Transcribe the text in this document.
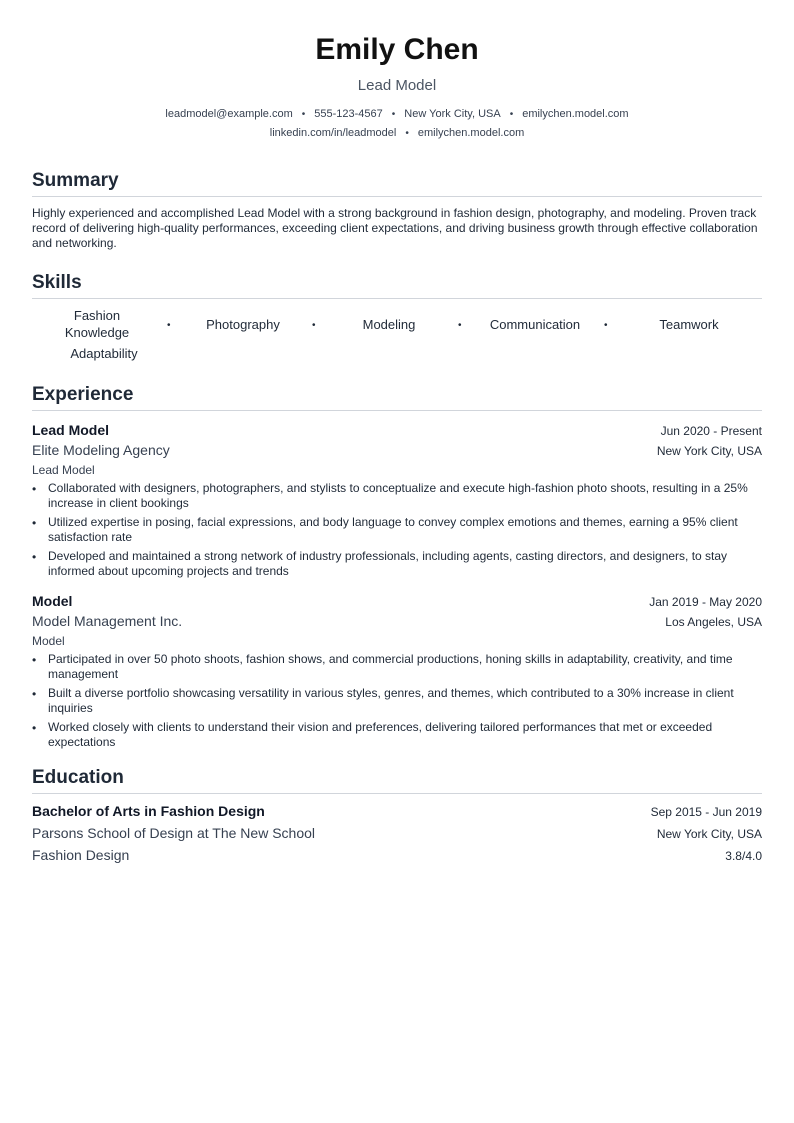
Emily Chen
Lead Model
leadmodel@example.com • 555-123-4567 • New York City, USA • emilychen.model.com
linkedin.com/in/leadmodel • emilychen.model.com
Summary
Highly experienced and accomplished Lead Model with a strong background in fashion design, photography, and modeling. Proven track record of delivering high-quality performances, exceeding client expectations, and driving business growth through effective collaboration and networking.
Skills
Fashion Knowledge	•	Photography	•	Modeling	•	Communication	•	Teamwork
Adaptability
Experience
Lead Model	Jun 2020 - Present
Elite Modeling Agency	New York City, USA
Lead Model
• Collaborated with designers, photographers, and stylists to conceptualize and execute high-fashion photo shoots, resulting in a 25% increase in client bookings
• Utilized expertise in posing, facial expressions, and body language to convey complex emotions and themes, earning a 95% client satisfaction rate
• Developed and maintained a strong network of industry professionals, including agents, casting directors, and designers, to stay informed about upcoming projects and trends
Model	Jan 2019 - May 2020
Model Management Inc.	Los Angeles, USA
Model
• Participated in over 50 photo shoots, fashion shows, and commercial productions, honing skills in adaptability, creativity, and time management
• Built a diverse portfolio showcasing versatility in various styles, genres, and themes, which contributed to a 30% increase in client inquiries
• Worked closely with clients to understand their vision and preferences, delivering tailored performances that met or exceeded expectations
Education
Bachelor of Arts in Fashion Design	Sep 2015 - Jun 2019
Parsons School of Design at The New School	New York City, USA
Fashion Design	3.8/4.0
